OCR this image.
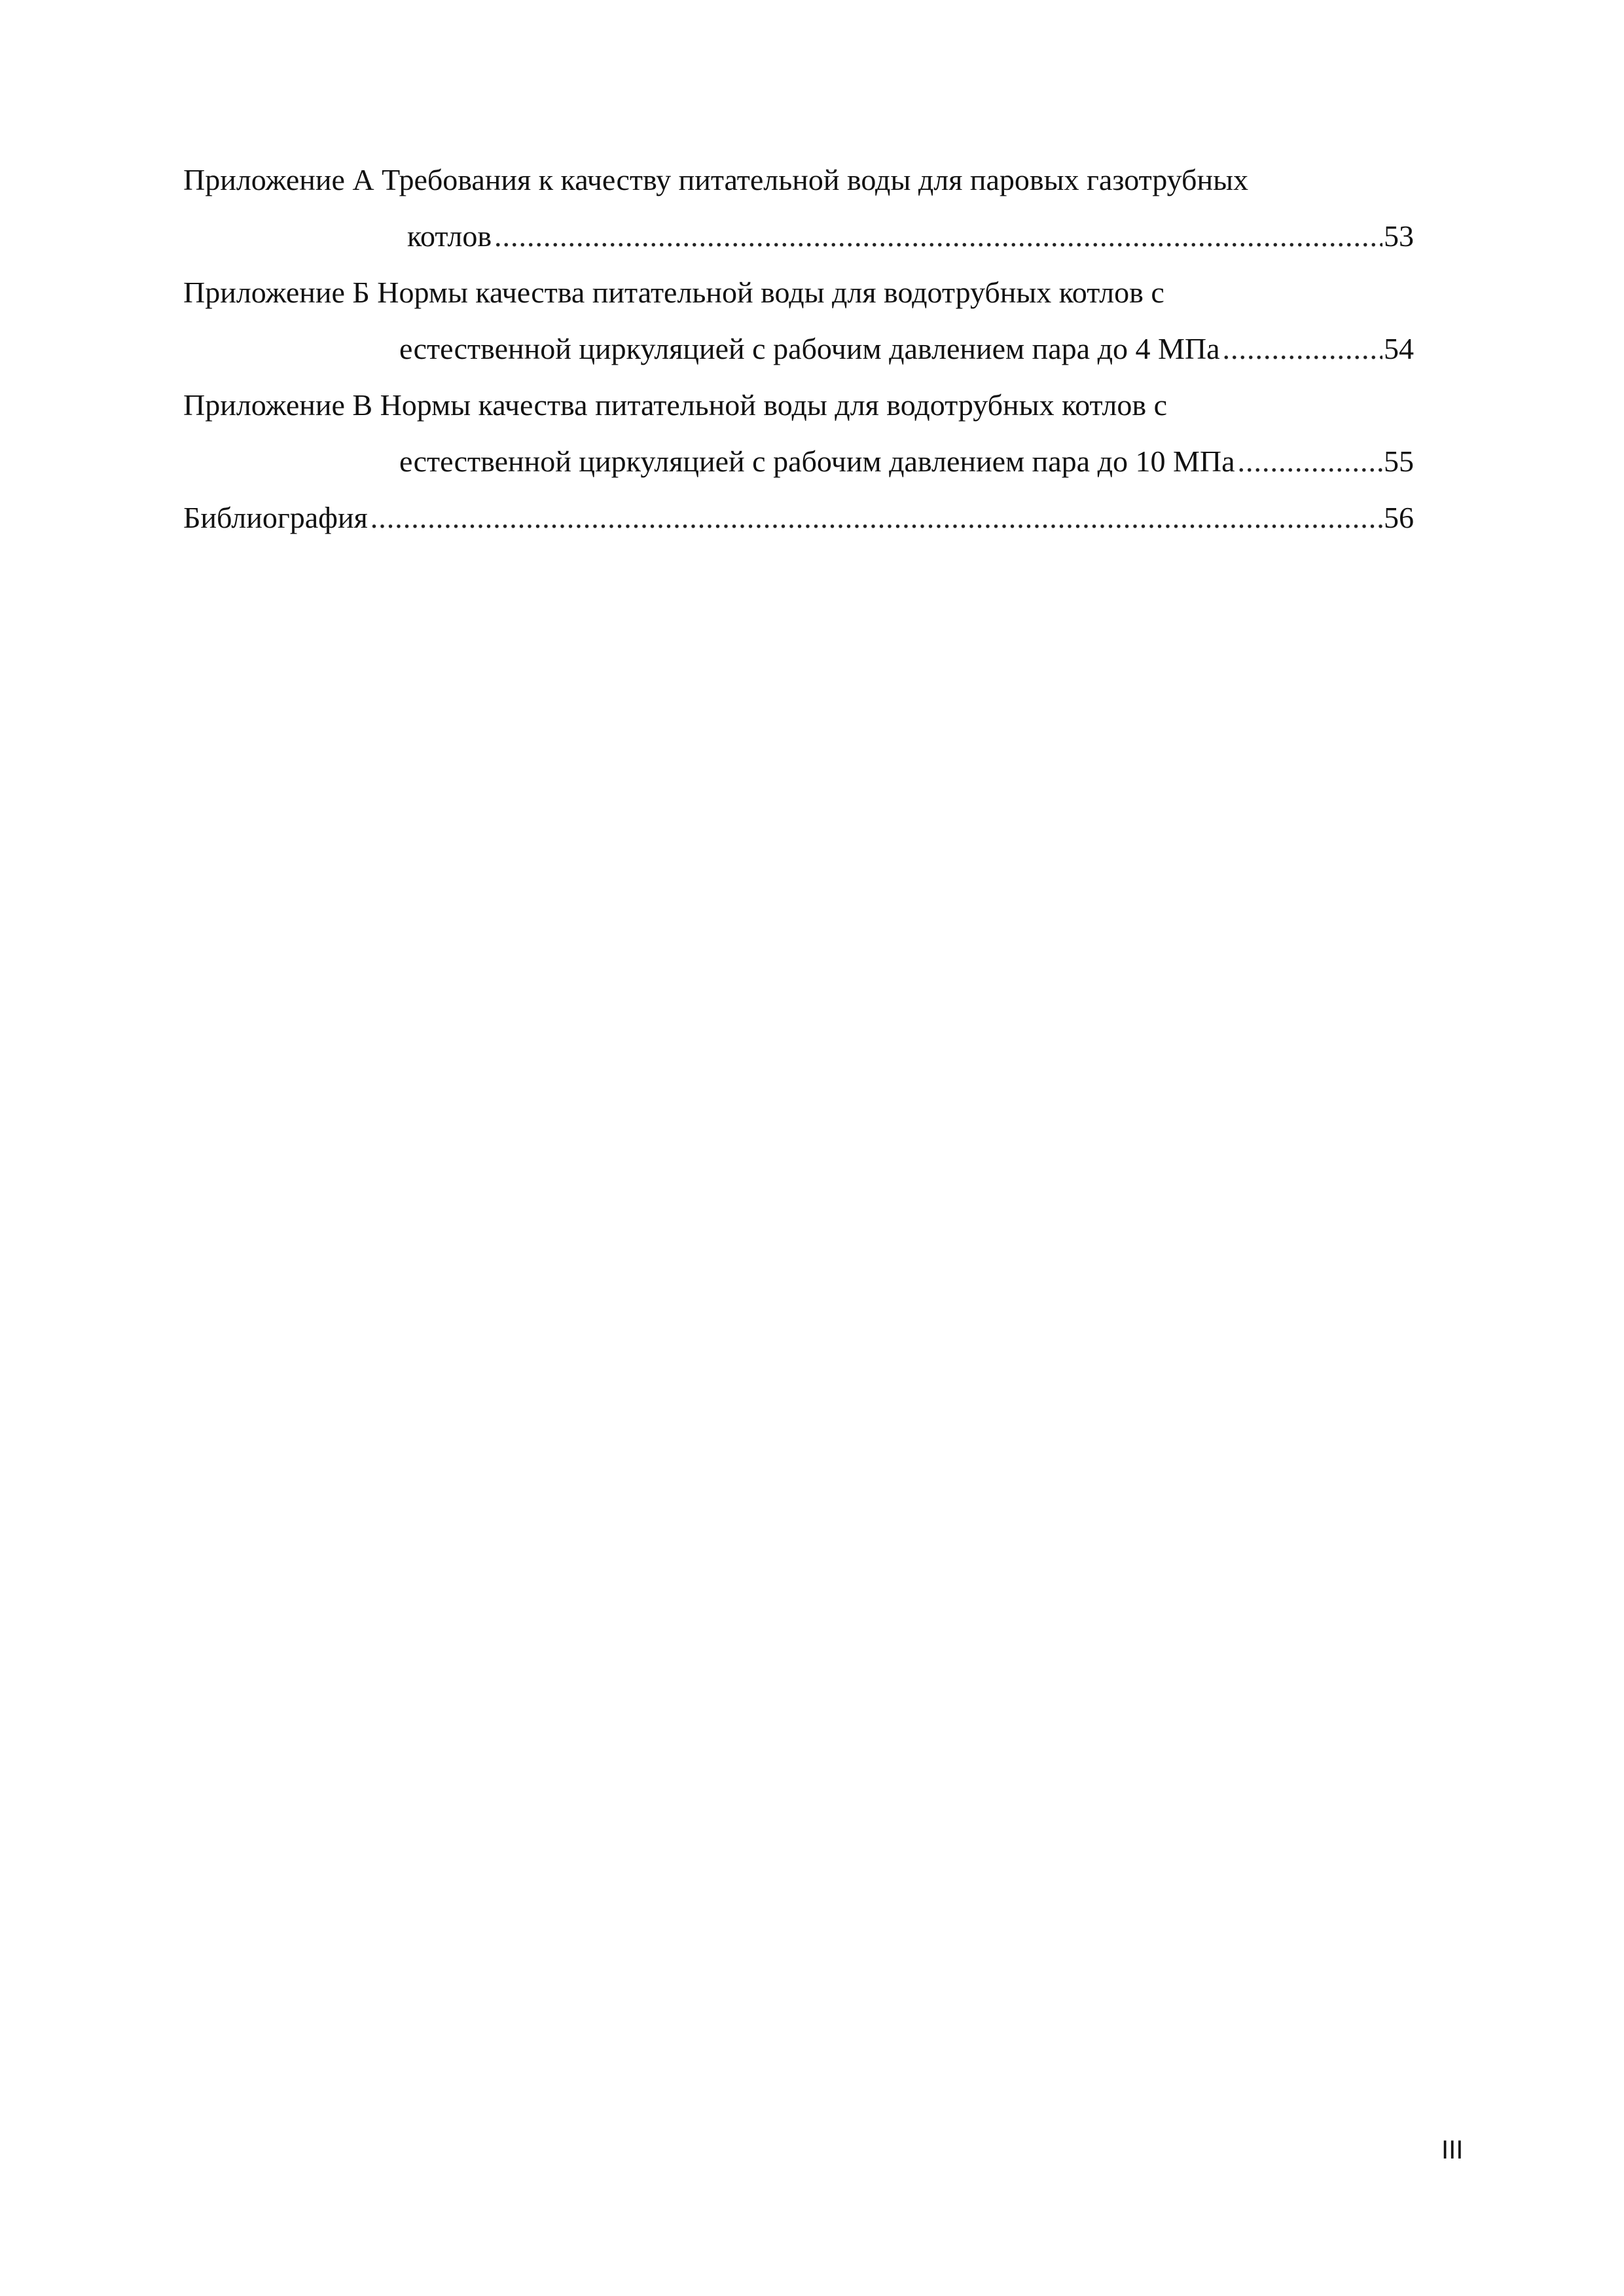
Приложение А Требования к качеству питательной воды для паровых газотрубных
котлов .....	53
Приложение Б Нормы качества питательной воды для водотрубных котлов с
естественной циркуляцией с рабочим давлением пара до 4 МПа .....	54
Приложение В Нормы качества питательной воды для водотрубных котлов с
естественной циркуляцией с рабочим давлением пара до 10 МПа .....	55
Библиография .....	56
III
